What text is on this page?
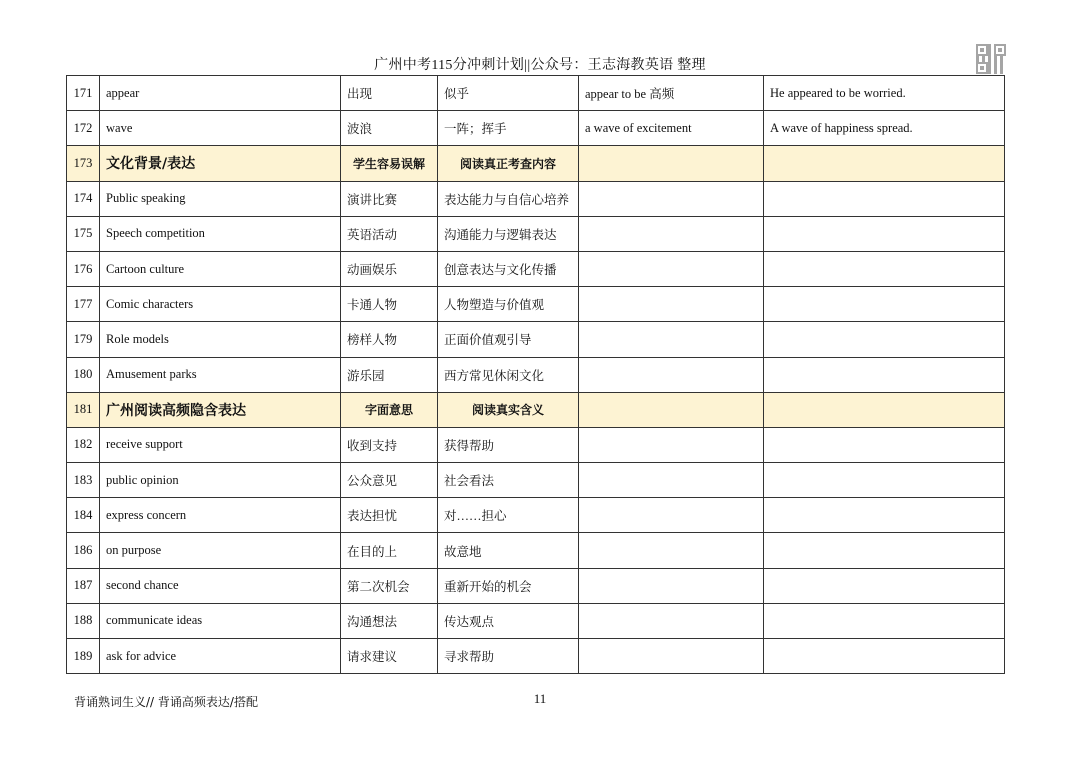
广州中考115分冲刺计划||公众号：王志海教英语 整理
171	appear	出现	似乎	appear to be 高频	He appeared to be worried.
172	wave	波浪	一阵；挥手	a wave of excitement	A wave of happiness spread.
173	文化背景/表达	学生容易误解	阅读真正考查内容		
174	Public speaking	演讲比赛	表达能力与自信心培养		
175	Speech competition	英语活动	沟通能力与逻辑表达		
176	Cartoon culture	动画娱乐	创意表达与文化传播		
177	Comic characters	卡通人物	人物塑造与价值观		
179	Role models	榜样人物	正面价值观引导		
180	Amusement parks	游乐园	西方常见休闲文化		
181	广州阅读高频隐含表达	字面意思	阅读真实含义		
182	receive support	收到支持	获得帮助		
183	public opinion	公众意见	社会看法		
184	express concern	表达担忧	对……担心		
186	on purpose	在目的上	故意地		
187	second chance	第二次机会	重新开始的机会		
188	communicate ideas	沟通想法	传达观点		
189	ask for advice	请求建议	寻求帮助		
背诵熟词生义// 背诵高频表达/搭配	11
